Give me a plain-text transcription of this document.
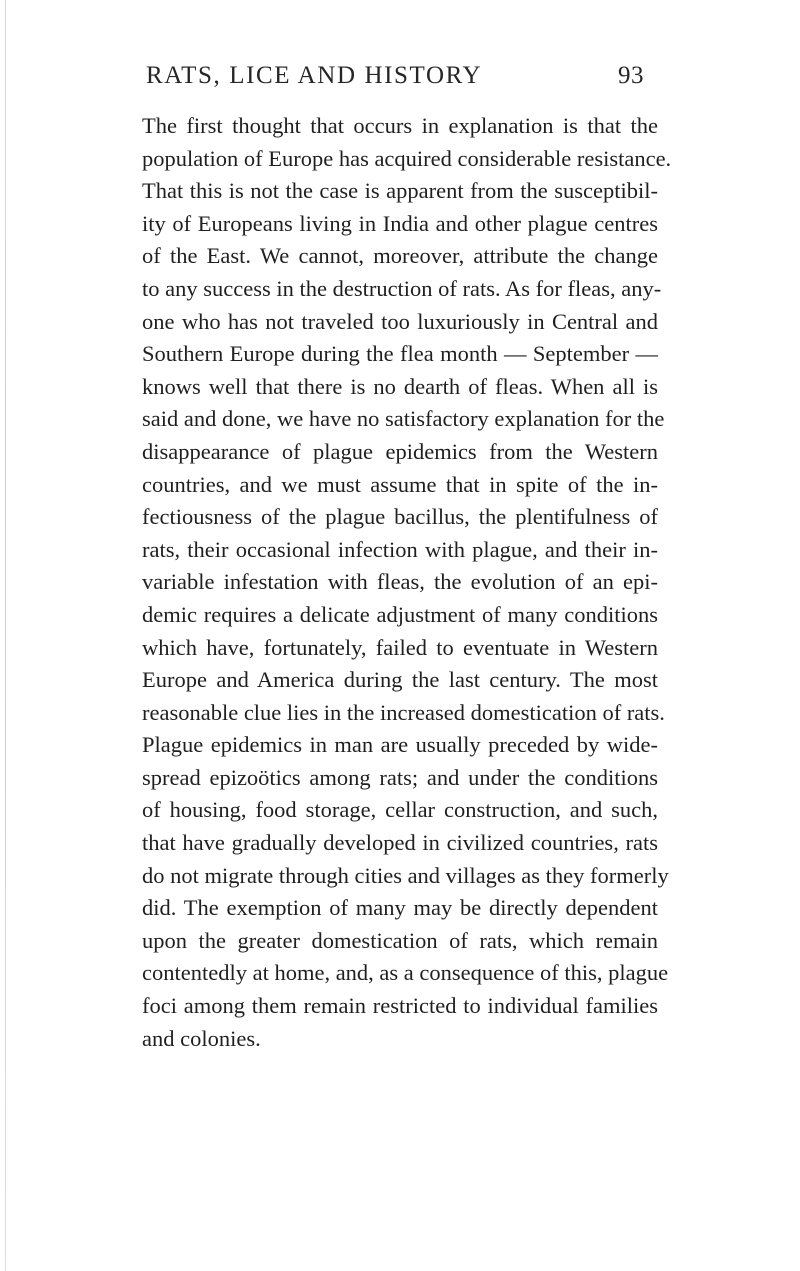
RATS, LICE AND HISTORY	93
The first thought that occurs in explanation is that the
population of Europe has acquired considerable resistance.
That this is not the case is apparent from the susceptibil-
ity of Europeans living in India and other plague centres
of the East. We cannot, moreover, attribute the change
to any success in the destruction of rats. As for fleas, any-
one who has not traveled too luxuriously in Central and
Southern Europe during the flea month — September —
knows well that there is no dearth of fleas. When all is
said and done, we have no satisfactory explanation for the
disappearance of plague epidemics from the Western
countries, and we must assume that in spite of the in-
fectiousness of the plague bacillus, the plentifulness of
rats, their occasional infection with plague, and their in-
variable infestation with fleas, the evolution of an epi-
demic requires a delicate adjustment of many conditions
which have, fortunately, failed to eventuate in Western
Europe and America during the last century. The most
reasonable clue lies in the increased domestication of rats.
Plague epidemics in man are usually preceded by wide-
spread epizoötics among rats; and under the conditions
of housing, food storage, cellar construction, and such,
that have gradually developed in civilized countries, rats
do not migrate through cities and villages as they formerly
did. The exemption of many may be directly dependent
upon the greater domestication of rats, which remain
contentedly at home, and, as a consequence of this, plague
foci among them remain restricted to individual families
and colonies.
